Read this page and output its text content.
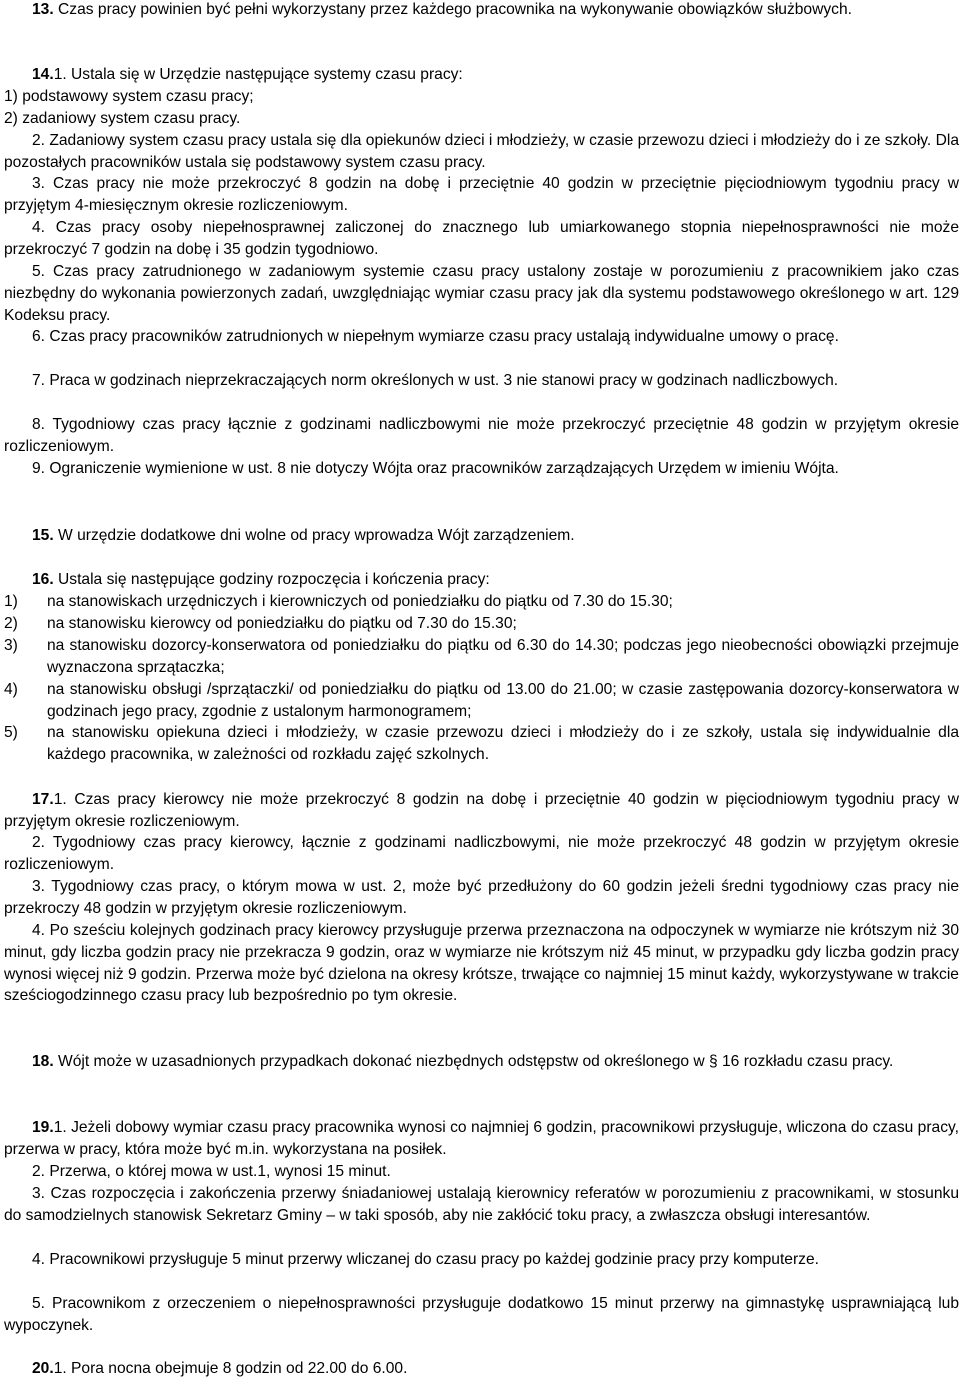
13. Czas pracy powinien być pełni wykorzystany przez każdego pracownika na wykonywanie obowiązków służbowych.
14.1. Ustala się w Urzędzie następujące systemy czasu pracy:
1) podstawowy system czasu pracy;
2) zadaniowy system czasu pracy.
2. Zadaniowy system czasu pracy ustala się dla opiekunów dzieci i młodzieży, w czasie przewozu dzieci i młodzieży do i ze szkoły. Dla pozostałych pracowników ustala się podstawowy system czasu pracy.
3. Czas pracy nie może przekroczyć 8 godzin na dobę i przeciętnie 40 godzin w przeciętnie pięciodniowym tygodniu pracy w przyjętym 4-miesięcznym okresie rozliczeniowym.
4. Czas pracy osoby niepełnosprawnej zaliczonej do znacznego lub umiarkowanego stopnia niepełnosprawności nie może przekroczyć 7 godzin na dobę i 35 godzin tygodniowo.
5. Czas pracy zatrudnionego w zadaniowym systemie czasu pracy ustalony zostaje w porozumieniu z pracownikiem jako czas niezbędny do wykonania powierzonych zadań, uwzględniając wymiar czasu pracy jak dla systemu podstawowego określonego w art. 129 Kodeksu pracy.
6. Czas pracy pracowników zatrudnionych w niepełnym wymiarze czasu pracy ustalają indywidualne umowy o pracę.
7. Praca w godzinach nieprzekraczających norm określonych w ust. 3 nie stanowi pracy w godzinach nadliczbowych.
8. Tygodniowy czas pracy łącznie z godzinami nadliczbowymi nie może przekroczyć przeciętnie 48 godzin w przyjętym okresie rozliczeniowym.
9. Ograniczenie wymienione w ust. 8 nie dotyczy Wójta oraz pracowników zarządzających Urzędem w imieniu Wójta.
15. W urzędzie dodatkowe dni wolne od pracy wprowadza Wójt zarządzeniem.
16. Ustala się następujące godziny rozpoczęcia i kończenia pracy:
1) na stanowiskach urzędniczych i kierowniczych od poniedziałku do piątku od 7.30 do 15.30;
2) na stanowisku kierowcy od poniedziałku do piątku od 7.30 do 15.30;
3) na stanowisku dozorcy-konserwatora od poniedziałku do piątku od 6.30 do 14.30; podczas jego nieobecności obowiązki przejmuje wyznaczona sprzątaczka;
4) na stanowisku obsługi /sprzątaczki/ od poniedziałku do piątku od 13.00 do 21.00; w czasie zastępowania dozorcy-konserwatora w godzinach jego pracy, zgodnie z ustalonym harmonogramem;
5) na stanowisku opiekuna dzieci i młodzieży, w czasie przewozu dzieci i młodzieży do i ze szkoły, ustala się indywidualnie dla każdego pracownika, w zależności od rozkładu zajęć szkolnych.
17.1. Czas pracy kierowcy nie może przekroczyć 8 godzin na dobę i przeciętnie 40 godzin w pięciodniowym tygodniu pracy w przyjętym okresie rozliczeniowym.
2. Tygodniowy czas pracy kierowcy, łącznie z godzinami nadliczbowymi, nie może przekroczyć 48 godzin w przyjętym okresie rozliczeniowym.
3. Tygodniowy czas pracy, o którym mowa w ust. 2, może być przedłużony do 60 godzin jeżeli średni tygodniowy czas pracy nie przekroczy 48 godzin w przyjętym okresie rozliczeniowym.
4. Po sześciu kolejnych godzinach pracy kierowcy przysługuje przerwa przeznaczona na odpoczynek w wymiarze nie krótszym niż 30 minut, gdy liczba godzin pracy nie przekracza 9 godzin, oraz w wymiarze nie krótszym niż 45 minut, w przypadku gdy liczba godzin pracy wynosi więcej niż 9 godzin. Przerwa może być dzielona na okresy krótsze, trwające co najmniej 15 minut każdy, wykorzystywane w trakcie sześciogodzinnego czasu pracy lub bezpośrednio po tym okresie.
18. Wójt może w uzasadnionych przypadkach dokonać niezbędnych odstępstw od określonego w § 16 rozkładu czasu pracy.
19.1. Jeżeli dobowy wymiar czasu pracy pracownika wynosi co najmniej 6 godzin, pracownikowi przysługuje, wliczona do czasu pracy, przerwa w pracy, która może być m.in. wykorzystana na posiłek.
2. Przerwa, o której mowa w ust.1, wynosi 15 minut.
3. Czas rozpoczęcia i zakończenia przerwy śniadaniowej ustalają kierownicy referatów w porozumieniu z pracownikami, w stosunku do samodzielnych stanowisk Sekretarz Gminy – w taki sposób, aby nie zakłócić toku pracy, a zwłaszcza obsługi interesantów.
4. Pracownikowi przysługuje 5 minut przerwy wliczanej do czasu pracy po każdej godzinie pracy przy komputerze.
5. Pracownikom z orzeczeniem o niepełnosprawności przysługuje dodatkowo 15 minut przerwy na gimnastykę usprawniającą lub wypoczynek.
20.1. Pora nocna obejmuje 8 godzin od 22.00 do 6.00.
